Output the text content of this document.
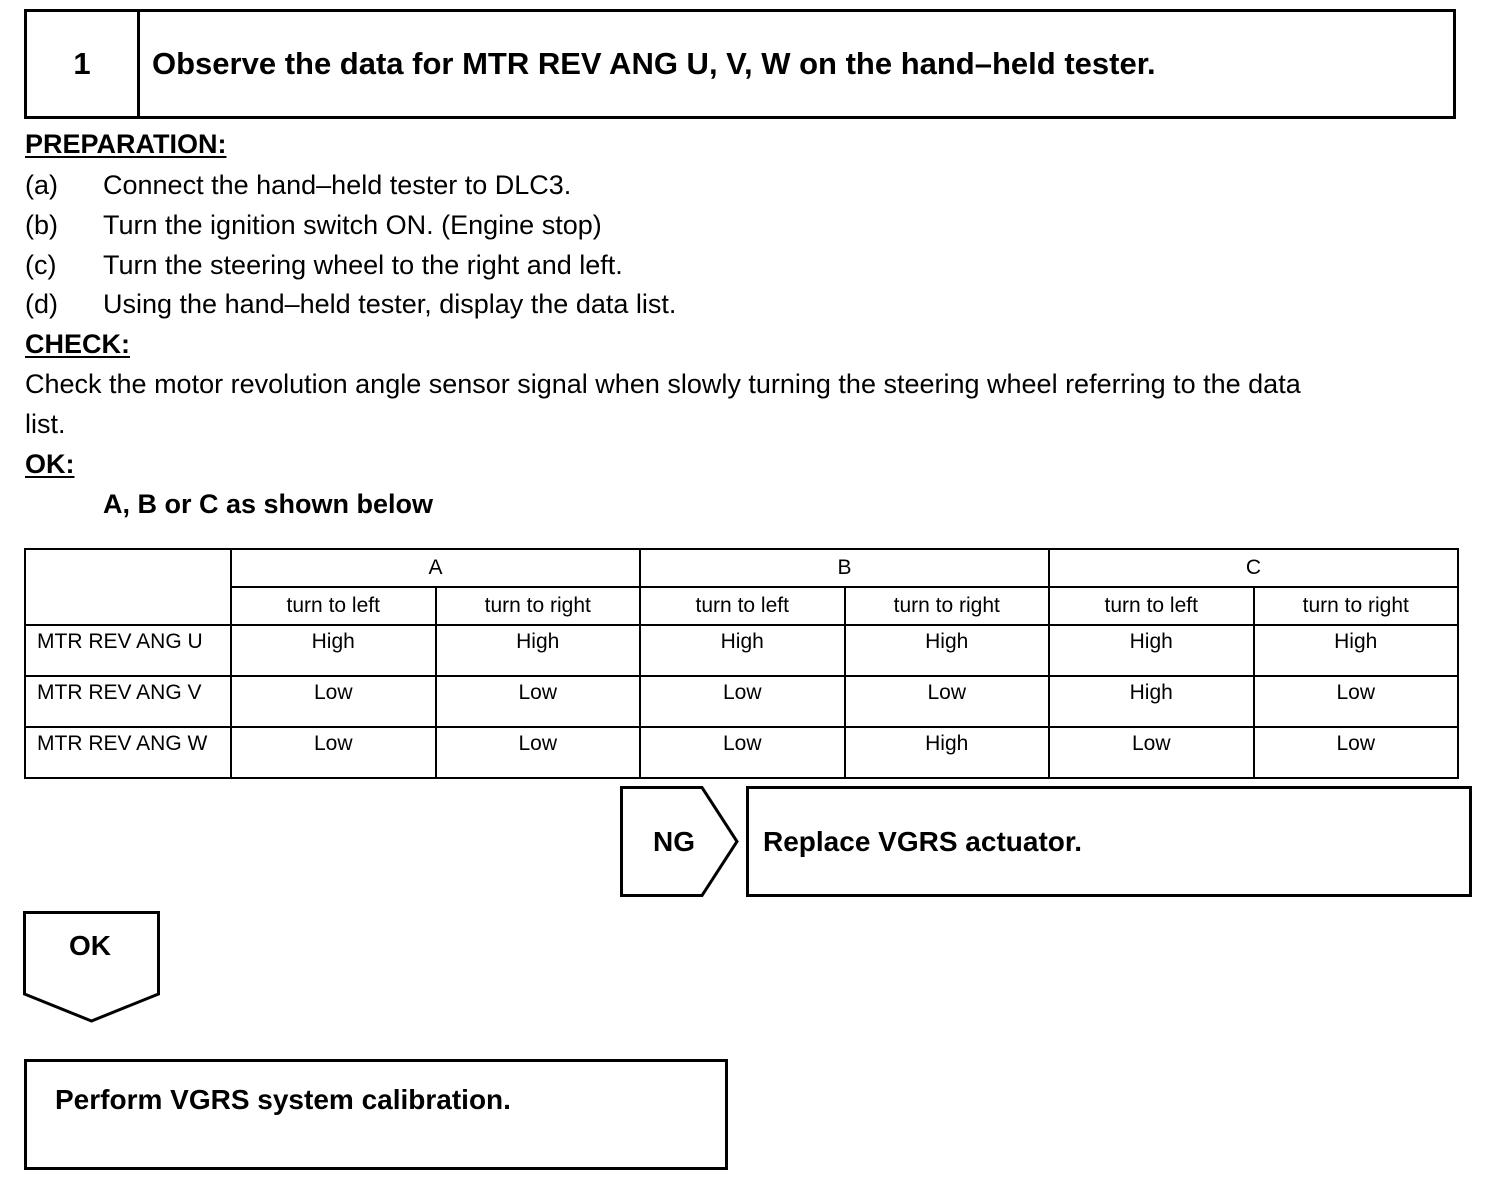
1	Observe the data for MTR REV ANG U, V, W on the hand–held tester.
PREPARATION:
(a) Connect the hand–held tester to DLC3.
(b) Turn the ignition switch ON. (Engine stop)
(c) Turn the steering wheel to the right and left.
(d) Using the hand–held tester, display the data list.
CHECK:
Check the motor revolution angle sensor signal when slowly turning the steering wheel referring to the data
list.
OK:
A, B or C as shown below
	A		B		C	
	turn to left	turn to right	turn to left	turn to right	turn to left	turn to right
MTR REV ANG U	High	High	High	High	High	High
MTR REV ANG V	Low	Low	Low	Low	High	Low
MTR REV ANG W	Low	Low	Low	High	Low	Low
NG	Replace VGRS actuator.
OK
Perform VGRS system calibration.
